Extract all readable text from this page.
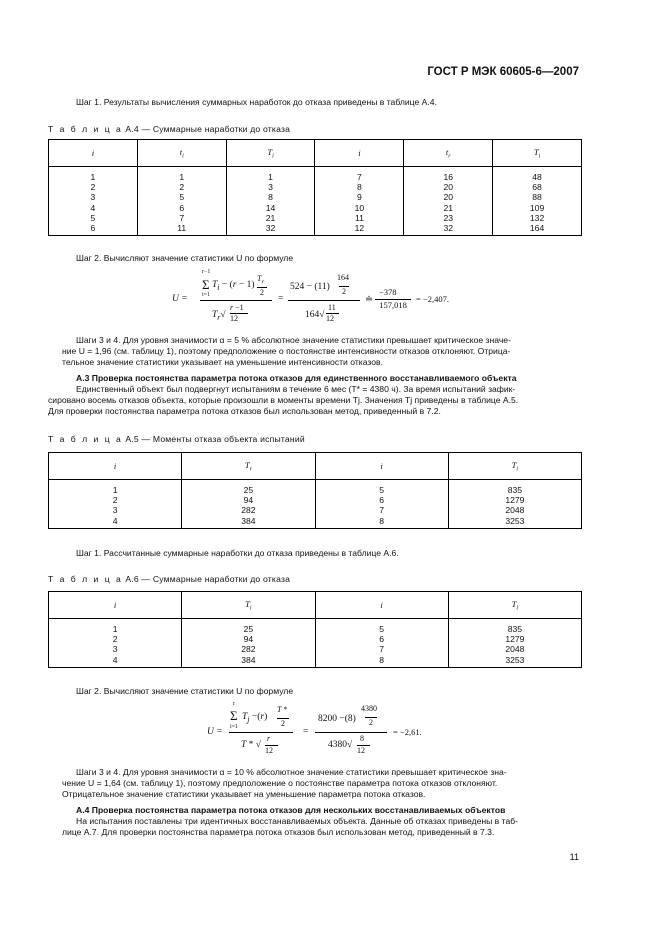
ГОСТ Р МЭК 60605-6—2007
Шаг 1. Результаты вычисления суммарных наработок до отказа приведены в таблице А.4.
Т а б л и ц а А.4 — Суммарные наработки до отказа
i	$t_i$	$T_i$	i	$t_r$	$T_i$
1	1	1	7	16	48
2	2	3	8	20	68
3	5	8	9	20	88
4	6	14	10	21	109
5	7	21	11	23	132
6	11	32	12	32	164
Шаг 2. Вычисляют значение статистики U по формуле
U =
r−1
Σ $T_i - (r - 1)$
$T_r$
2
i=1
$T_r√$
r −1
12
=
524 − (11)
164
2
164√
11
12
≐
−378
157,018
= −2,407.
Шаги 3 и 4. Для уровня значимости α = 5 % абсолютное значение статистики превышает критическое значе-
ние U = 1,96 (см. таблицу 1), поэтому предположение о постоянстве интенсивности отказов отклоняют. Отрица-
тельное значение статистики указывает на уменьшение интенсивности отказов.
А.3 Проверка постоянства параметра потока отказов для единственного восстанавливаемого объекта
Единственный объект был подвергнут испытаниям в течение 6 мес (T* = 4380 ч). За время испытаний зафик-
сировано восемь отказов объекта, которые произошли в моменты времени Tj. Значения Tj приведены в таблице А.5.
Для проверки постоянства параметра потока отказов был использован метод, приведенный в 7.2.
Т а б л и ц а А.5 — Моменты отказа объекта испытаний
i	$T_r$	i	$T_i$
1	25	5	835
2	94	6	1279
3	282	7	2048
4	384	8	3253
Шаг 1. Рассчитанные суммарные наработки до отказа приведены в таблице А.6.
Т а б л и ц а А.6 — Суммарные наработки до отказа
i	$T_i$	i	$T_i$
1	25	5	835
2	94	6	1279
3	282	7	2048
4	384	8	3253
Шаг 2. Вычисляют значение статистики U по формуле
U =
r
Σ $T_j -(r)$
T *
2
i=1
T * √
r
12
=
8200 −(8)
4380
2
4380√
8
12
= −2,61.
Шаги 3 и 4. Для уровня значимости α = 10 % абсолютное значение статистики превышает критическое зна-
чение U = 1,64 (см. таблицу 1), поэтому предположение о постоянстве параметра потока отказов отклоняют.
Отрицательное значение статистики указывает на уменьшение параметра потока отказов.
А.4 Проверка постоянства параметра потока отказов для нескольких восстанавливаемых объектов
На испытания поставлены три идентичных восстанавливаемых объекта. Данные об отказах приведены в таб-
лице А.7. Для проверки постоянства параметра потока отказов был использован метод, приведенный в 7.3.
11
